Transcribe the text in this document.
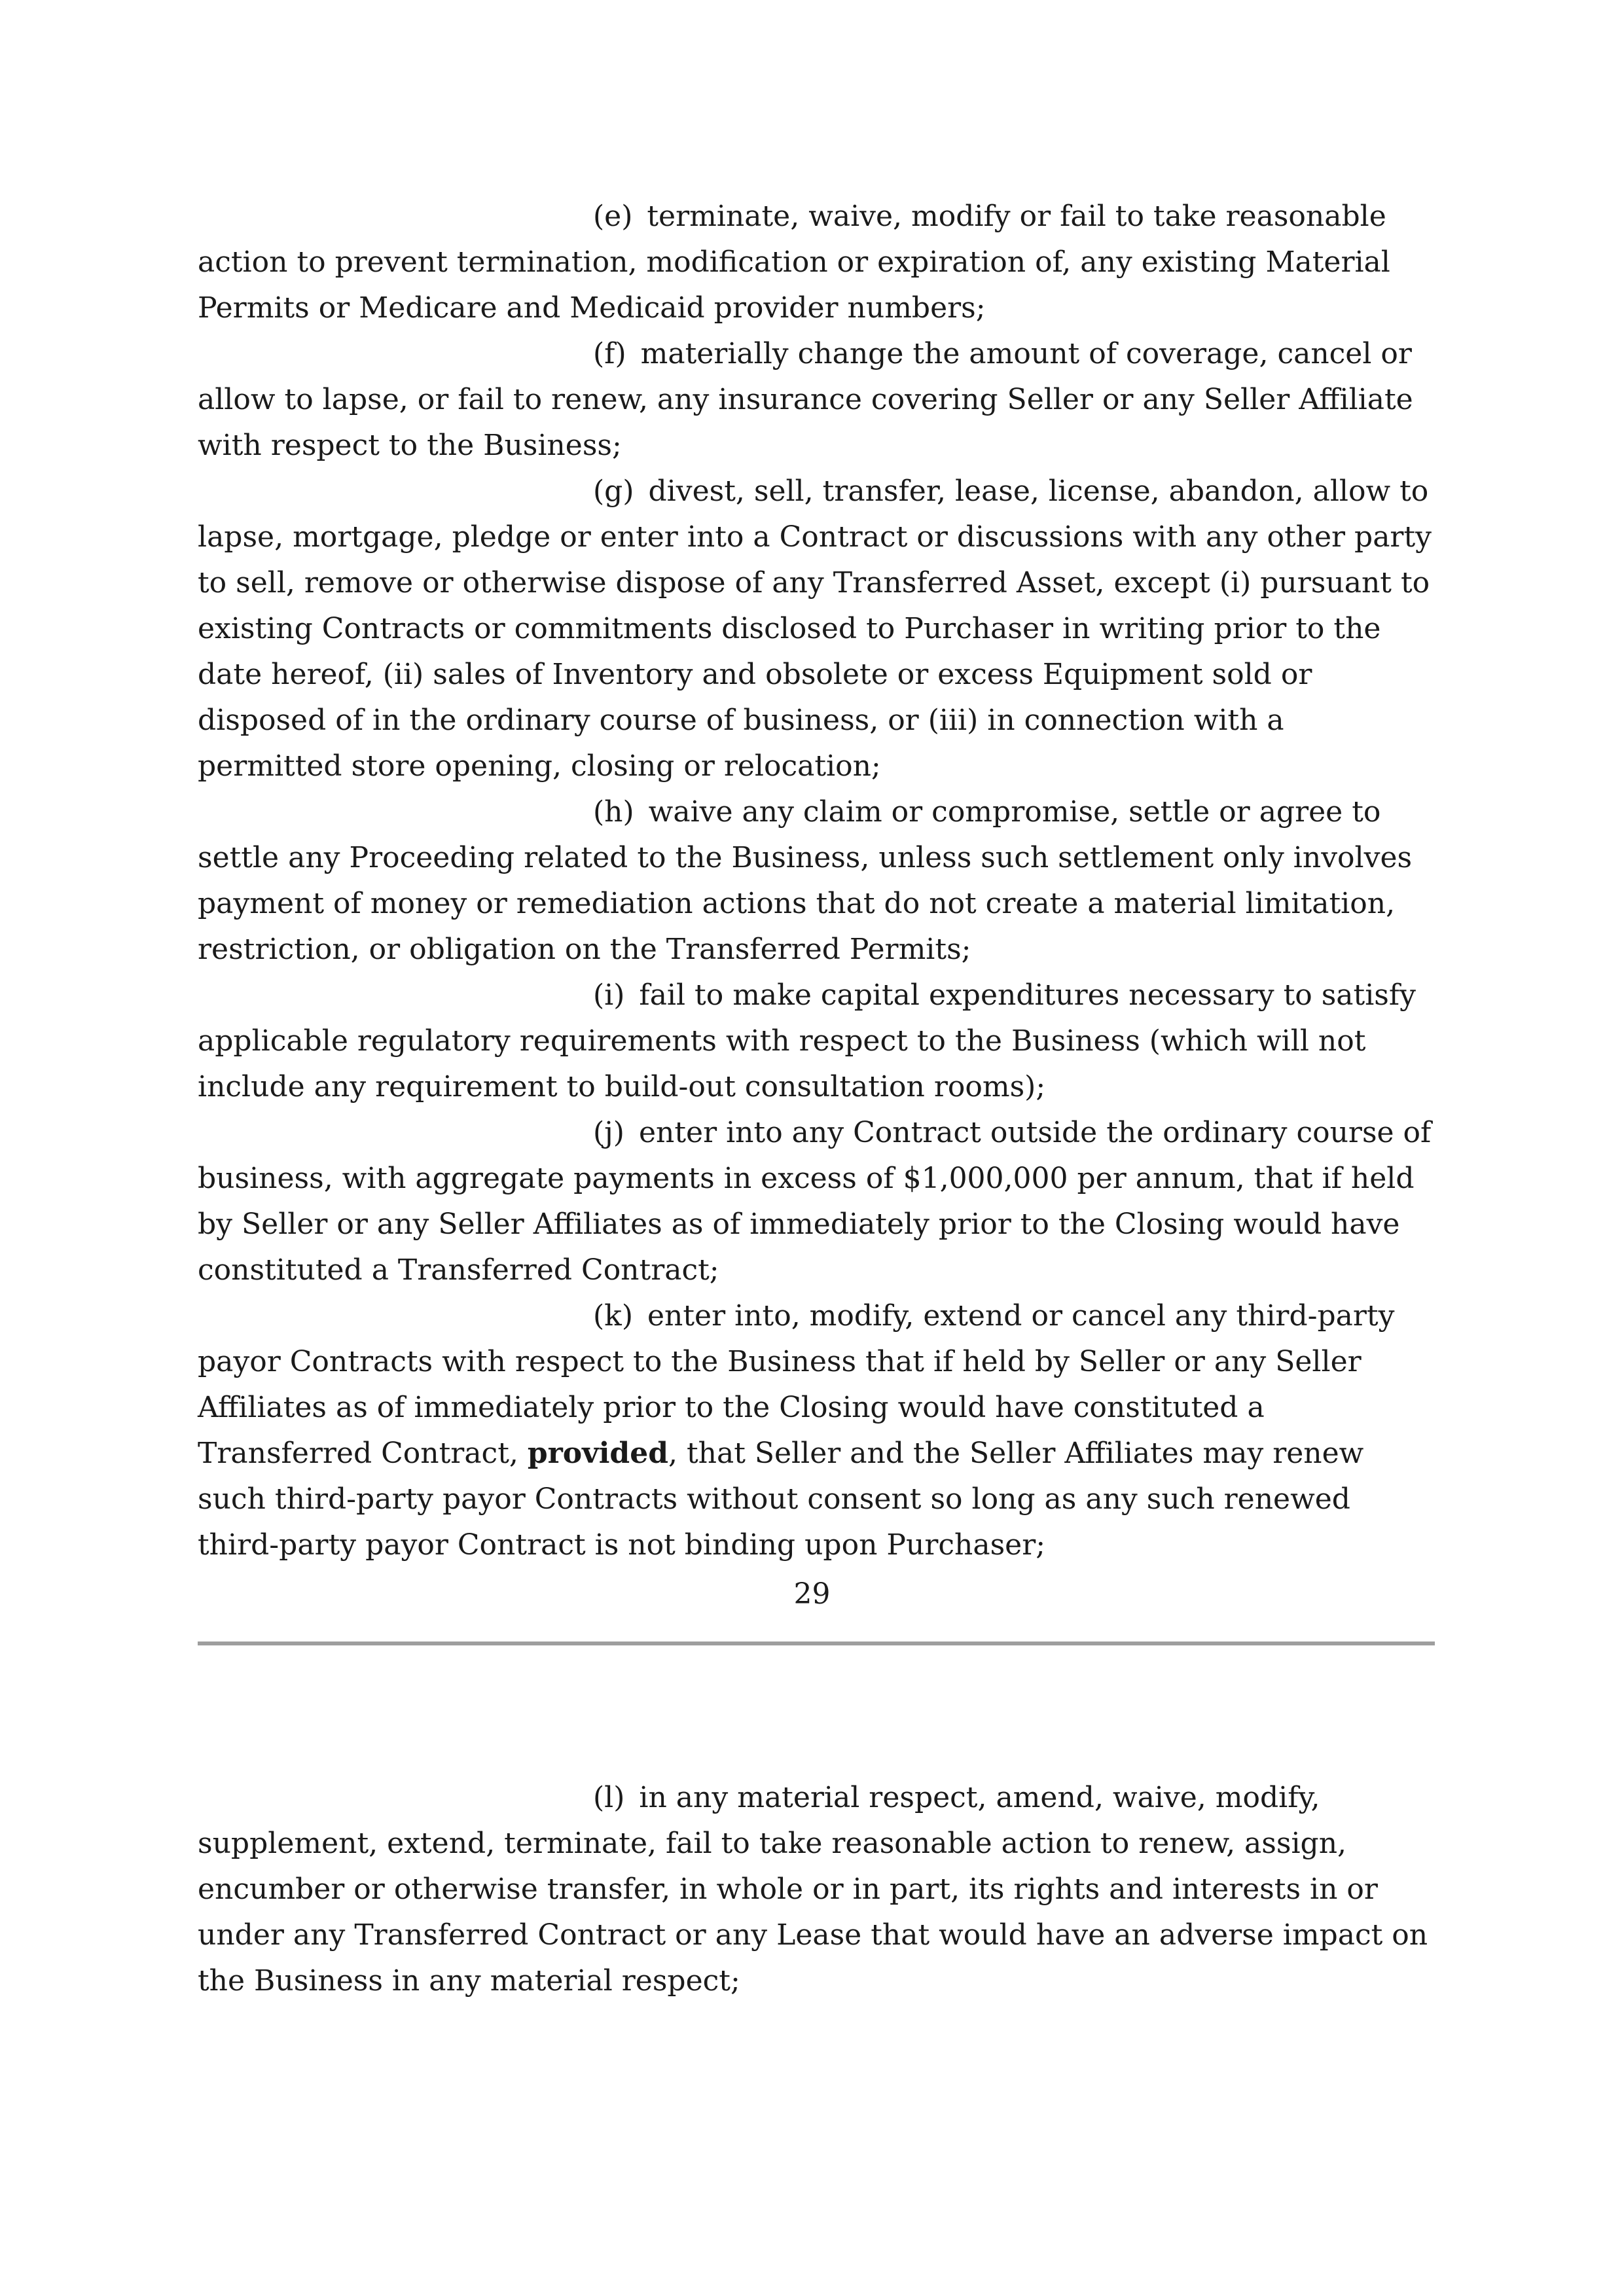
(e) terminate, waive, modify or fail to take reasonable action to prevent termination, modification or expiration of, any existing Material Permits or Medicare and Medicaid provider numbers;

(f) materially change the amount of coverage, cancel or allow to lapse, or fail to renew, any insurance covering Seller or any Seller Affiliate with respect to the Business;

(g) divest, sell, transfer, lease, license, abandon, allow to lapse, mortgage, pledge or enter into a Contract or discussions with any other party to sell, remove or otherwise dispose of any Transferred Asset, except (i) pursuant to existing Contracts or commitments disclosed to Purchaser in writing prior to the date hereof, (ii) sales of Inventory and obsolete or excess Equipment sold or disposed of in the ordinary course of business, or (iii) in connection with a permitted store opening, closing or relocation;

(h) waive any claim or compromise, settle or agree to settle any Proceeding related to the Business, unless such settlement only involves payment of money or remediation actions that do not create a material limitation, restriction, or obligation on the Transferred Permits;

(i) fail to make capital expenditures necessary to satisfy applicable regulatory requirements with respect to the Business (which will not include any requirement to build-out consultation rooms);

(j) enter into any Contract outside the ordinary course of business, with aggregate payments in excess of $1,000,000 per annum, that if held by Seller or any Seller Affiliates as of immediately prior to the Closing would have constituted a Transferred Contract;

(k) enter into, modify, extend or cancel any third-party payor Contracts with respect to the Business that if held by Seller or any Seller Affiliates as of immediately prior to the Closing would have constituted a Transferred Contract, provided, that Seller and the Seller Affiliates may renew such third-party payor Contracts without consent so long as any such renewed third-party payor Contract is not binding upon Purchaser;

29

(l) in any material respect, amend, waive, modify, supplement, extend, terminate, fail to take reasonable action to renew, assign, encumber or otherwise transfer, in whole or in part, its rights and interests in or under any Transferred Contract or any Lease that would have an adverse impact on the Business in any material respect;
